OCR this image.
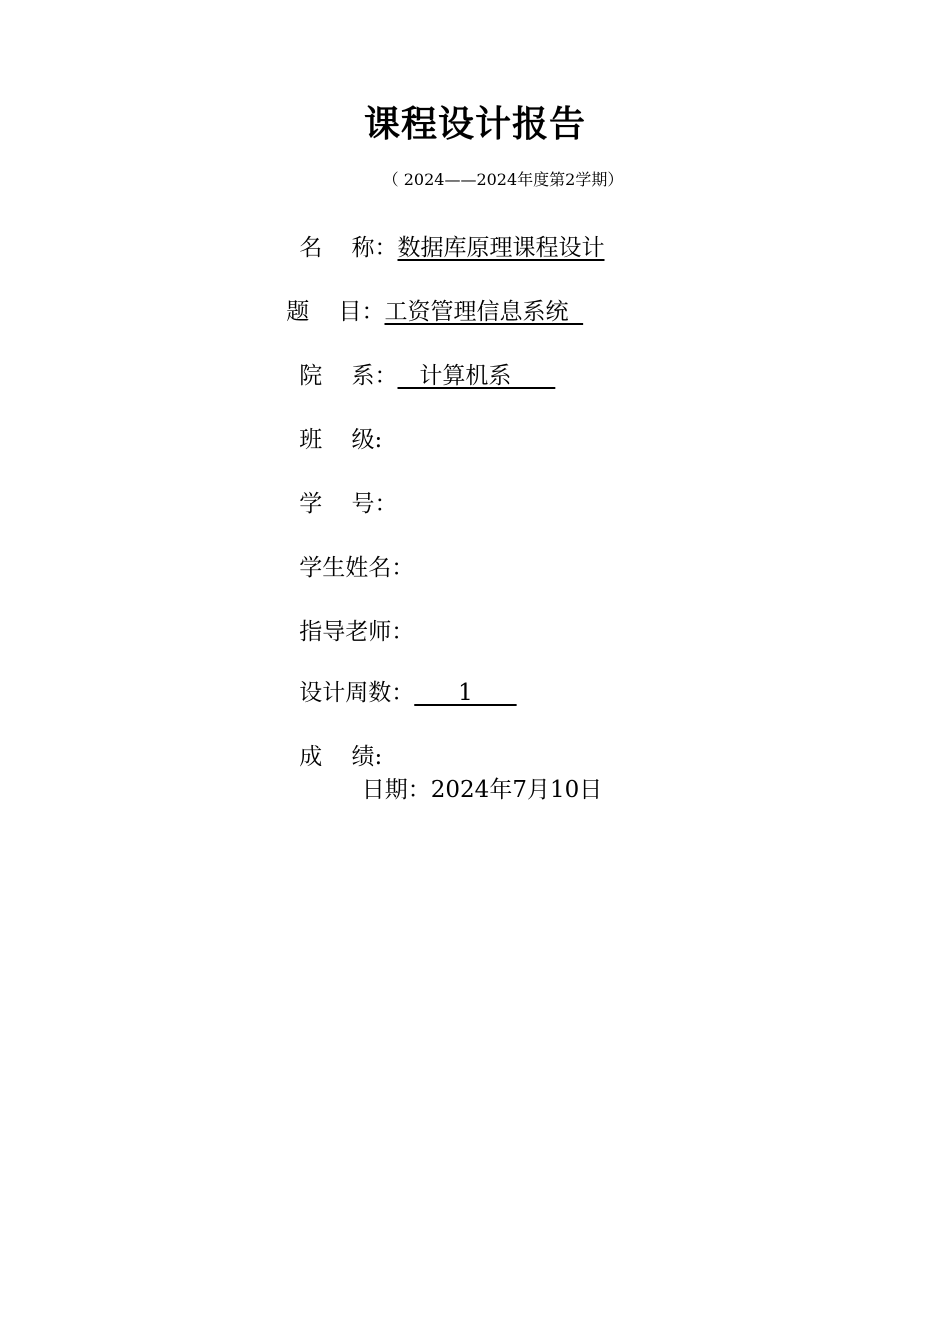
课程设计报告
（ 2024——2024年度第2学期）

名    称：数据库原理课程设计

题    目：工资管理信息系统

院    系：   计算机系

班    级:

学    号：

学生姓名：

指导老师：

设计周数：      1

成    绩:

日期：2024年7月10日
